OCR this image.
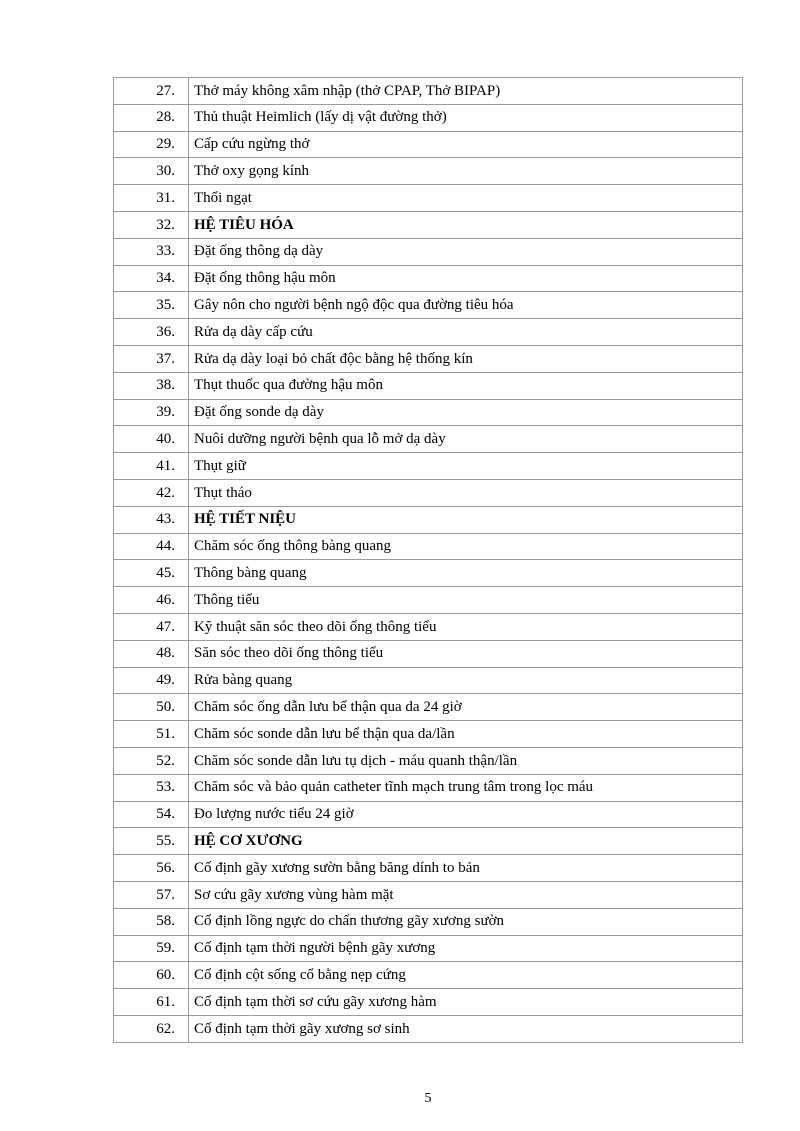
27.	Thở máy không xâm nhập (thở CPAP, Thở BIPAP)
28.	Thủ thuật Heimlich (lấy dị vật đường thở)
29.	Cấp cứu ngừng thở
30.	Thở oxy gọng kính
31.	Thổi ngạt
32.	HỆ TIÊU HÓA
33.	Đặt ống thông dạ dày
34.	Đặt ống thông hậu môn
35.	Gây nôn cho người bệnh ngộ độc qua đường tiêu hóa
36.	Rửa dạ dày cấp cứu
37.	Rửa dạ dày loại bỏ chất độc bằng hệ thống kín
38.	Thụt thuốc qua đường hậu môn
39.	Đặt ống sonde dạ dày
40.	Nuôi dưỡng người bệnh qua lỗ mở dạ dày
41.	Thụt giữ
42.	Thụt tháo
43.	HỆ TIẾT NIỆU
44.	Chăm sóc ống thông bàng quang
45.	Thông bàng quang
46.	Thông tiểu
47.	Kỹ thuật săn sóc theo dõi ống thông tiểu
48.	Săn sóc theo dõi ống thông tiểu
49.	Rửa bàng quang
50.	Chăm sóc ống dẫn lưu bể thận qua da 24 giờ
51.	Chăm sóc sonde dẫn lưu bể thận qua da/lần
52.	Chăm sóc sonde dẫn lưu tụ dịch - máu quanh thận/lần
53.	Chăm sóc và bảo quản catheter tĩnh mạch trung tâm trong lọc máu
54.	Đo lượng nước tiểu 24 giờ
55.	HỆ CƠ XƯƠNG
56.	Cố định gãy xương sườn bằng băng dính to bản
57.	Sơ cứu gãy xương vùng hàm mặt
58.	Cố định lồng ngực do chấn thương gãy xương sườn
59.	Cố định tạm thời người bệnh gãy xương
60.	Cố định cột sống cổ bằng nẹp cứng
61.	Cố định tạm thời sơ cứu gãy xương hàm
62.	Cố định tạm thời gãy xương sơ sinh
5
